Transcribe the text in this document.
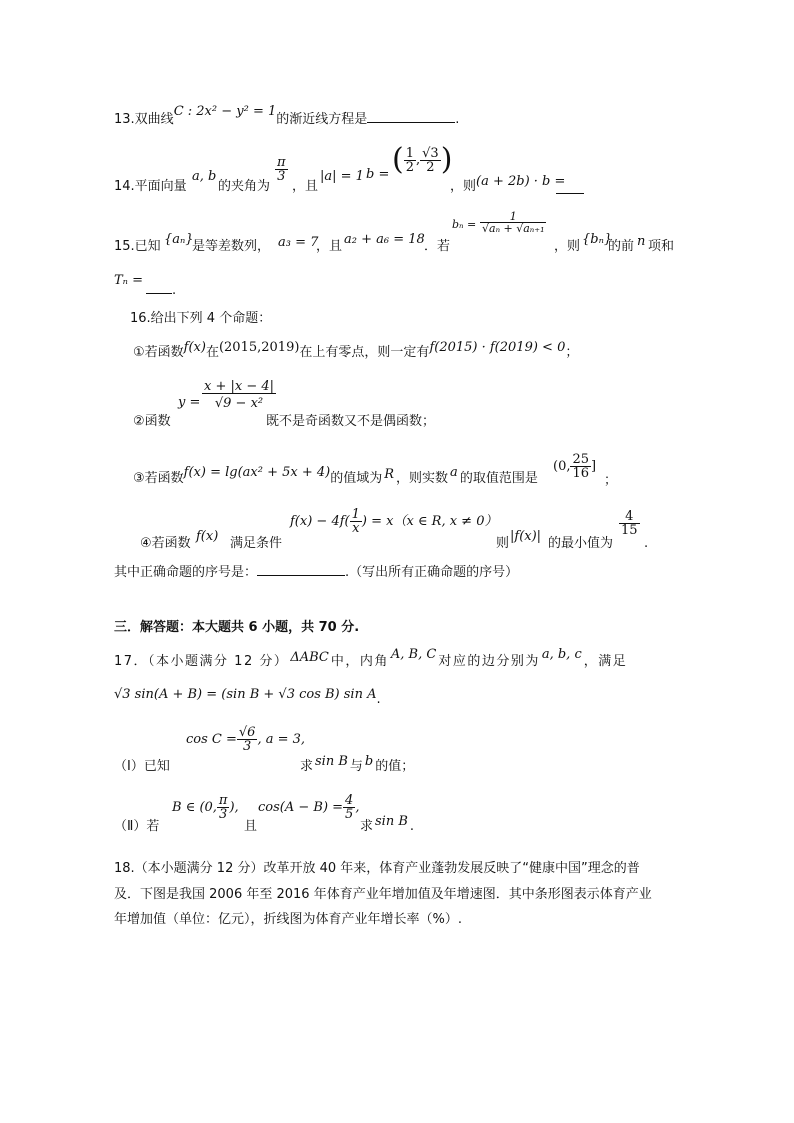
13.双曲线C : 2x² − y² = 1的渐近线方程是	.
14.平面向量
a, b
的夹角为
$\frac{\pi}{3}$
，且
|a| = 1 b = ( $\frac{1}{2}$ , $\frac{√3}{2}$ )
，则 (a + 2b) · b =
15.已知 {aₙ}
是等差数列， a₃ = 7
，且 a₂ + a₆ = 18 ．若
$b_n = \frac{1}{\text{√aₙ + √aₙ₊₁}}$
，则 {bₙ}
的前 n 项和
Tₙ =
.
16.给出下列 4 个命题：
①若函数f(x)在(2015,2019)在上有零点，则一定有f(2015) · f(2019) < 0；
②函数
$y = \frac{x + |x - 4|}{\text{√9 − x²}}$
既不是奇函数又不是偶函数；
③若函数f(x) = lg(ax² + 5x + 4)的值域为 R ，则实数 a 的取值范围是
(0, $\frac{25}{16}$ ]
；
④若函数 f(x) 满足条件
$f(x) - 4f( \frac{1}{x}$ ) = x（x ∈ R, x ≠ 0）
则 |f(x)| 的最小值为
$\frac{4}{15}$
.
其中正确命题的序号是：	.（写出所有正确命题的序号）
三．解答题：本大题共 6 小题，共 70 分.
17．（本小题满分 12 分） ΔABC 中，内角 A, B, C 对应的边分别为 a, b, c ，满足
√3 sin(A + B) = (sin B + √3 cos B) sin A.
（Ⅰ）已知
$\cos C = \frac{√6}{3}$ , a = 3,
求 sin B 与 b 的值；
（Ⅱ）若
B ∈ (0, $\frac{\pi}{3}$ ),
且
$\cos(A - B) = \frac{4}{5}$ ,
求 sin B .
18.（本小题满分 12 分）改革开放 40 年来，体育产业蓬勃发展反映了“健康中国”理念的普
及．下图是我国 2006 年至 2016 年体育产业年增加值及年增速图．其中条形图表示体育产业
年增加值（单位：亿元），折线图为体育产业年增长率（%）.
